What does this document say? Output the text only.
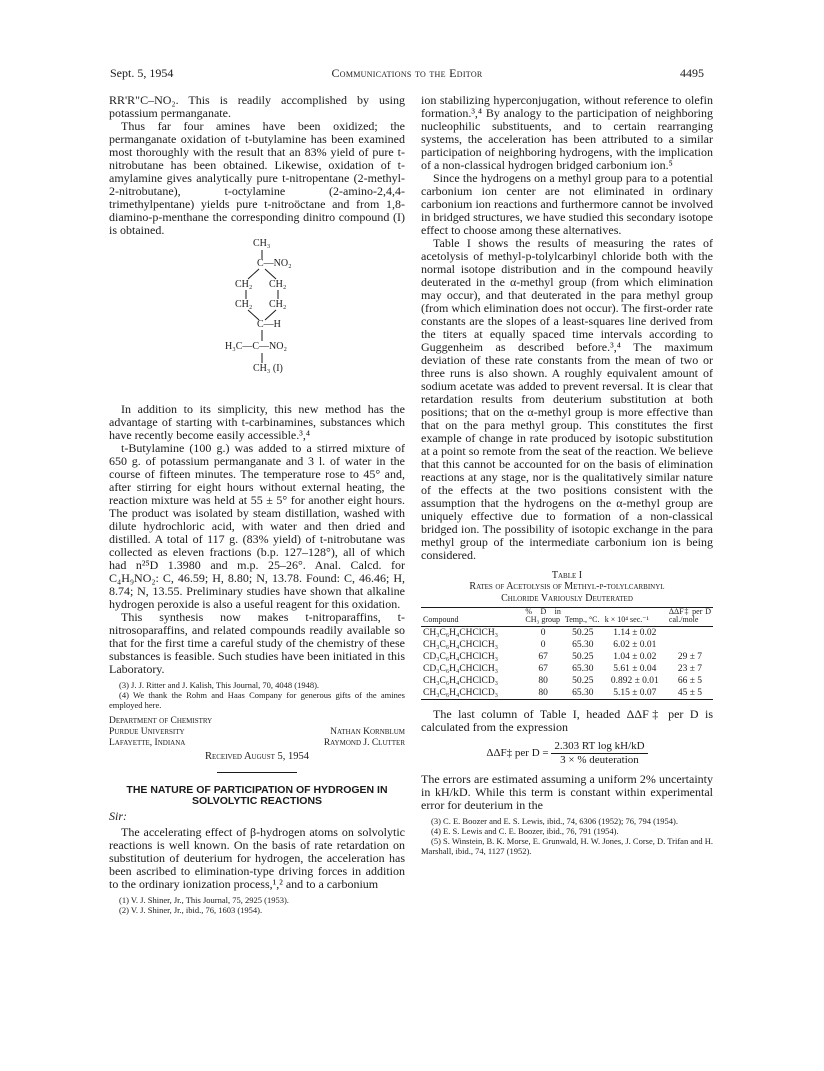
Sept. 5, 1954	Communications to the Editor	4495

RR'R"C–NO₂. This is readily accomplished by using potassium permanganate.

Thus far four amines have been oxidized; the permanganate oxidation of t-butylamine has been examined most thoroughly with the result that an 83% yield of pure t-nitrobutane has been obtained. Likewise, oxidation of t-amylamine gives analytically pure t-nitropentane (2-methyl-2-nitrobutane), t-octylamine (2-amino-2,4,4-trimethylpentane) yields pure t-nitroöctane and from 1,8-diamino-p-menthane the corresponding dinitro compound (I) is obtained.

CH₃
C—NO₂
CH₂ CH₂
CH₂ CH₂
C—H
H₃C—C—NO₂
CH₃ (I)

In addition to its simplicity, this new method has the advantage of starting with t-carbinamines, substances which have recently become easily accessible.³,⁴

t-Butylamine (100 g.) was added to a stirred mixture of 650 g. of potassium permanganate and 3 l. of water in the course of fifteen minutes. The temperature rose to 45° and, after stirring for eight hours without external heating, the reaction mixture was held at 55 ± 5° for another eight hours. The product was isolated by steam distillation, washed with dilute hydrochloric acid, with water and then dried and distilled. A total of 117 g. (83% yield) of t-nitrobutane was collected as eleven fractions (b.p. 127–128°), all of which had n²⁵D 1.3980 and m.p. 25–26°. Anal. Calcd. for C₄H₉NO₂: C, 46.59; H, 8.80; N, 13.78. Found: C, 46.46; H, 8.74; N, 13.55. Preliminary studies have shown that alkaline hydrogen peroxide is also a useful reagent for this oxidation.

This synthesis now makes t-nitroparaffins, t-nitrosoparaffins, and related compounds readily available so that for the first time a careful study of the chemistry of these substances is feasible. Such studies have been initiated in this Laboratory.

(3) J. J. Ritter and J. Kalish, This Journal, 70, 4048 (1948).

(4) We thank the Rohm and Haas Company for generous gifts of the amines employed here.

Department of Chemistry
Purdue University	Nathan Kornblum
Lafayette, Indiana	Raymond J. Clutter
Received August 5, 1954
THE NATURE OF PARTICIPATION OF HYDROGEN IN
SOLVOLYTIC REACTIONS
Sir:

The accelerating effect of β-hydrogen atoms on solvolytic reactions is well known. On the basis of rate retardation on substitution of deuterium for hydrogen, the acceleration has been ascribed to elimination-type driving forces in addition to the ordinary ionization process,¹,² and to a carbonium

(1) V. J. Shiner, Jr., This Journal, 75, 2925 (1953).

(2) V. J. Shiner, Jr., ibid., 76, 1603 (1954).

ion stabilizing hyperconjugation, without reference to olefin formation.³,⁴ By analogy to the participation of neighboring nucleophilic substituents, and to certain rearranging systems, the acceleration has been attributed to a similar participation of neighboring hydrogens, with the implication of a non-classical hydrogen bridged carbonium ion.⁵

Since the hydrogens on a methyl group para to a potential carbonium ion center are not eliminated in ordinary carbonium ion reactions and furthermore cannot be involved in bridged structures, we have studied this secondary isotope effect to choose among these alternatives.

Table I shows the results of measuring the rates of acetolysis of methyl-p-tolylcarbinyl chloride both with the normal isotope distribution and in the compound heavily deuterated in the α-methyl group (from which elimination may occur), and that deuterated in the para methyl group (from which elimination does not occur). The first-order rate constants are the slopes of a least-squares line derived from the titers at equally spaced time intervals according to Guggenheim as described before.³,⁴ The maximum deviation of these rate constants from the mean of two or three runs is also shown. A roughly equivalent amount of sodium acetate was added to prevent reversal. It is clear that retardation results from deuterium substitution at both positions; that on the α-methyl group is more effective than that on the para methyl group. This constitutes the first example of change in rate produced by isotopic substitution at a point so remote from the seat of the reaction. We believe that this cannot be accounted for on the basis of elimination reactions at any stage, nor is the qualitatively similar nature of the effects at the two positions consistent with the assumption that the hydrogens on the α-methyl group are uniquely effective due to formation of a non-classical bridged ion. The possibility of isotopic exchange in the para methyl group of the intermediate carbonium ion is being considered.

Table I
Rates of Acetolysis of Methyl-p-tolylcarbinyl
Chloride Variously Deuterated
Compound	% D in CH₃ group	Temp., °C.	k × 10⁴ sec.⁻¹	ΔΔF‡ per D cal./mole
CH₃C₆H₄CHClCH₃	0	50.25	1.14 ± 0.02	
CH₃C₆H₄CHClCH₃	0	65.30	6.02 ± 0.01	
CD₃C₆H₄CHClCH₃	67	50.25	1.04 ± 0.02	29 ± 7
CD₃C₆H₄CHClCH₃	67	65.30	5.61 ± 0.04	23 ± 7
CH₃C₆H₄CHClCD₃	80	50.25	0.892 ± 0.01	66 ± 5
CH₃C₆H₄CHClCD₃	80	65.30	5.15 ± 0.07	45 ± 5

The last column of Table I, headed ΔΔF‡ per D is calculated from the expression

ΔΔF‡ per $D = \frac{\text{2.303 RT log kH/kD}}{\text{3 × \% deuteration}}$

The errors are estimated assuming a uniform 2% uncertainty in kH/kD. While this term is constant within experimental error for deuterium in the

(3) C. E. Boozer and E. S. Lewis, ibid., 74, 6306 (1952); 76, 794 (1954).

(4) E. S. Lewis and C. E. Boozer, ibid., 76, 791 (1954).

(5) S. Winstein, B. K. Morse, E. Grunwald, H. W. Jones, J. Corse, D. Trifan and H. Marshall, ibid., 74, 1127 (1952).
